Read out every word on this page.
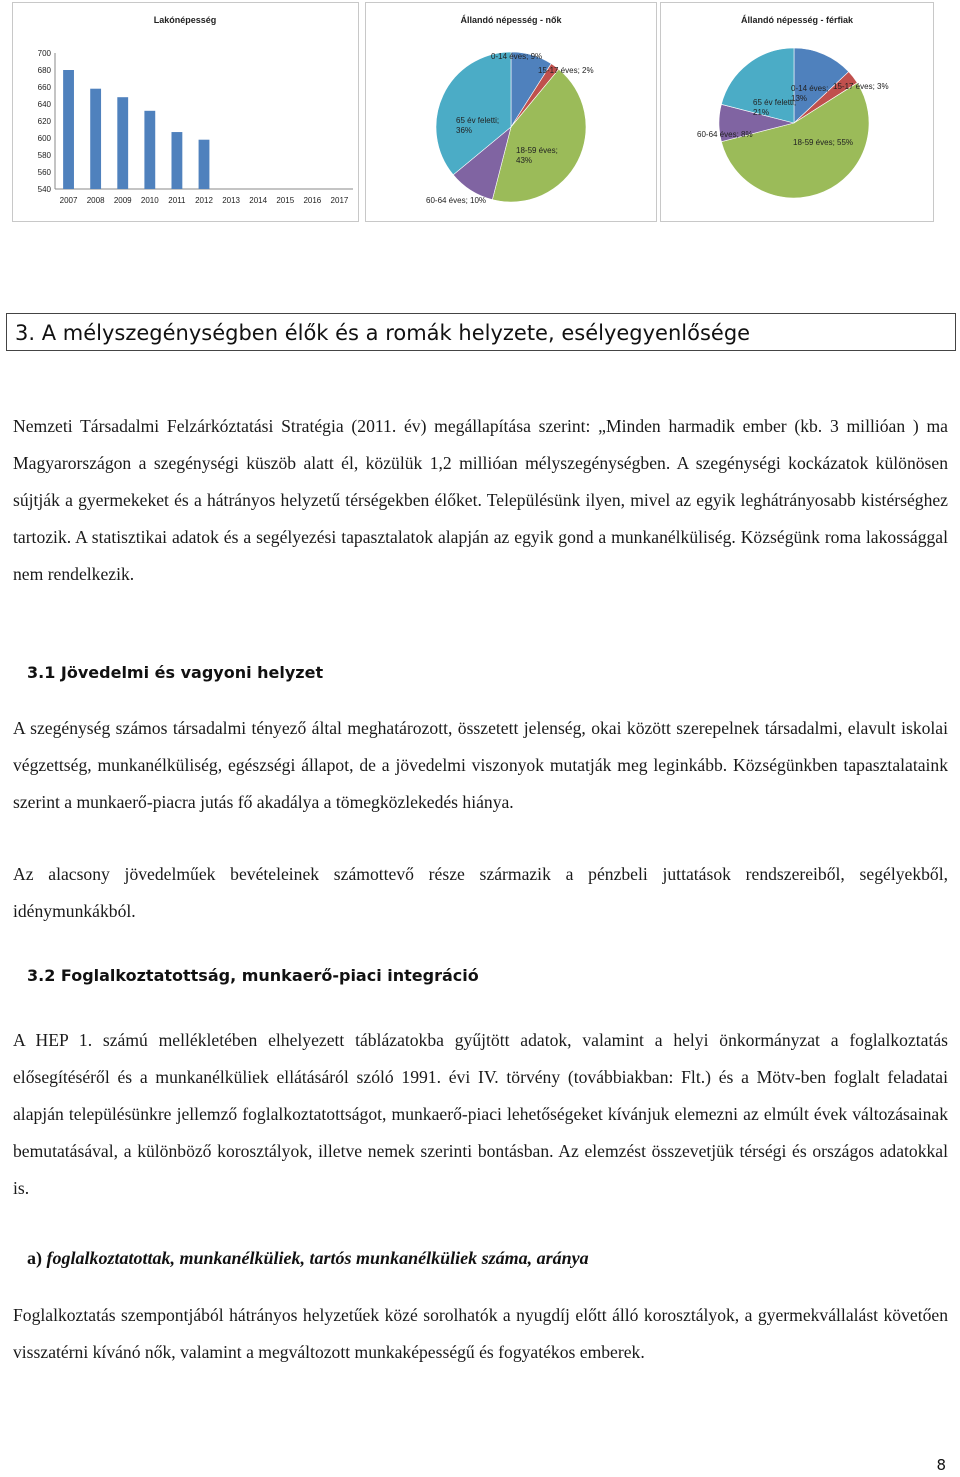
Lakónépesség
540
560
580
600
620
640
660
680
700
2007 2008 2009 2010 2011 2012 2013 2014 2015 2016 2017
Állandó népesség - nők
0-14 éves; 9%
15-17 éves; 2%
18-59 éves; 43%
60-64 éves; 10%
65 év feletti; 36%
Állandó népesség - férfiak
0-14 éves; 13%
15-17 éves; 3%
18-59 éves; 55%
60-64 éves; 8%
65 év feletti; 21%
3. A mélyszegénységben élők és a romák helyzete, esélyegyenlősége

Nemzeti Társadalmi Felzárkóztatási Stratégia (2011. év) megállapítása szerint: „Minden harmadik ember (kb. 3 millióan ) ma Magyarországon a szegénységi küszöb alatt él, közülük 1,2 millióan mélyszegénységben. A szegénységi kockázatok különösen sújtják a gyermekeket és a hátrányos helyzetű térségekben élőket. Településünk ilyen, mivel az egyik leghátrányosabb kistérséghez tartozik. A statisztikai adatok és a segélyezési tapasztalatok alapján az egyik gond a munkanélküliség. Községünk roma lakossággal nem rendelkezik.

3.1 Jövedelmi és vagyoni helyzet

A szegénység számos társadalmi tényező által meghatározott, összetett jelenség, okai között szerepelnek társadalmi, elavult iskolai végzettség, munkanélküliség, egészségi állapot, de a jövedelmi viszonyok mutatják meg leginkább. Községünkben tapasztalataink szerint a munkaerő-piacra jutás fő akadálya a tömegközlekedés hiánya.

Az alacsony jövedelműek bevételeinek számottevő része származik a pénzbeli juttatások rendszereiből, segélyekből, idénymunkákból.

3.2 Foglalkoztatottság, munkaerő-piaci integráció

A HEP 1. számú mellékletében elhelyezett táblázatokba gyűjtött adatok, valamint a helyi önkormányzat a foglalkoztatás elősegítéséről és a munkanélküliek ellátásáról szóló 1991. évi IV. törvény (továbbiakban: Flt.) és a Mötv-ben foglalt feladatai alapján településünkre jellemző foglalkoztatottságot, munkaerő-piaci lehetőségeket kívánjuk elemezni az elmúlt évek változásainak bemutatásával, a különböző korosztályok, illetve nemek szerinti bontásban. Az elemzést összevetjük térségi és országos adatokkal is.

a) foglalkoztatottak, munkanélküliek, tartós munkanélküliek száma, aránya

Foglalkoztatás szempontjából hátrányos helyzetűek közé sorolhatók a nyugdíj előtt álló korosztályok, a gyermekvállalást követően visszatérni kívánó nők, valamint a megváltozott munkaképességű és fogyatékos emberek.

8
